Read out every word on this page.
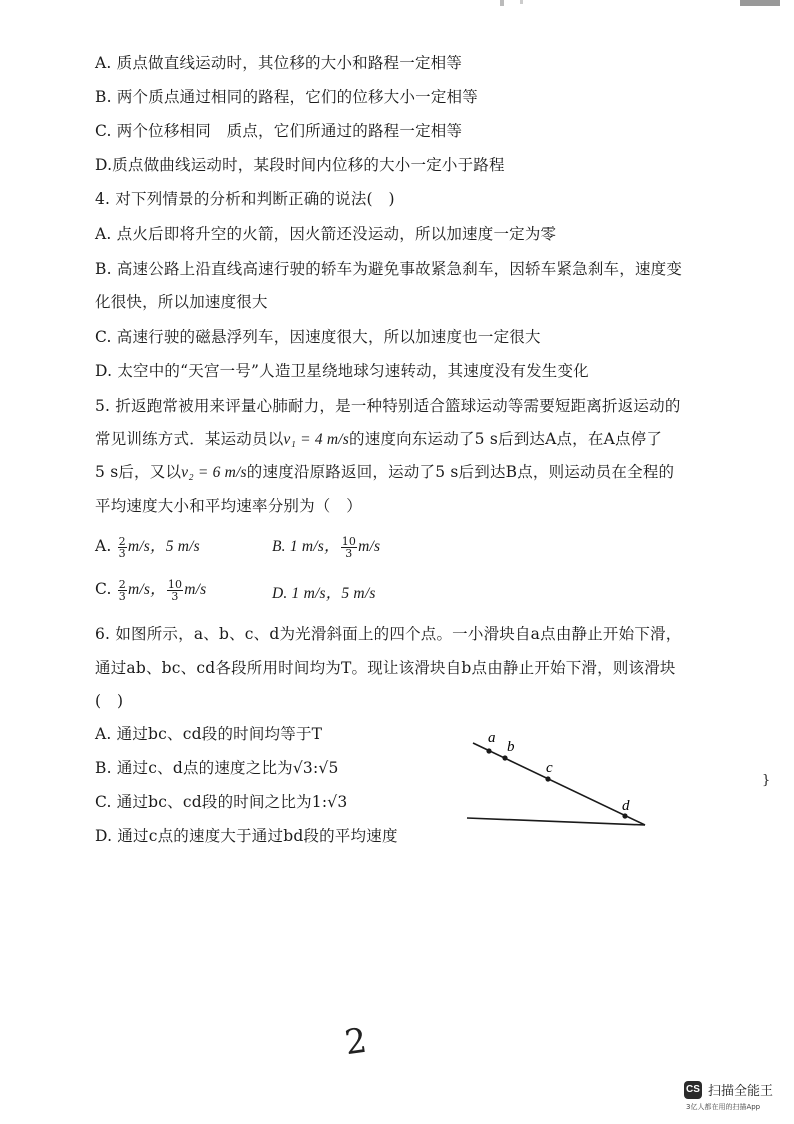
A. 质点做直线运动时，其位移的大小和路程一定相等
B. 两个质点通过相同的路程，它们的位移大小一定相等
C. 两个位移相同　质点，它们所通过的路程一定相等
D.质点做曲线运动时，某段时间内位移的大小一定小于路程
4. 对下列情景的分析和判断正确的说法(　)
A. 点火后即将升空的火箭，因火箭还没运动，所以加速度一定为零
B. 高速公路上沿直线高速行驶的轿车为避免事故紧急刹车，因轿车紧急刹车，速度变
化很快，所以加速度很大
C. 高速行驶的磁悬浮列车，因速度很大，所以加速度也一定很大
D. 太空中的“天宫一号”人造卫星绕地球匀速转动，其速度没有发生变化
5. 折返跑常被用来评量心肺耐力，是一种特别适合篮球运动等需要短距离折返运动的
常见训练方式．某运动员以v₁ = 4 m/s的速度向东运动了5 s后到达A点，在A点停了
5 s后，又以v₂ = 6 m/s的速度沿原路返回，运动了5 s后到达B点，则运动员在全程的
平均速度大小和平均速率分别为（　）
A. $\frac{2}{3} m/s$，5 m/s	B. 1 m/s， $\frac{10}{3} m/s$
C. $\frac{2}{3} m/s$， $\frac{10}{3} m/s$	D. 1 m/s，5 m/s
6. 如图所示，a、b、c、d为光滑斜面上的四个点。一小滑块自a点由静止开始下滑，
通过ab、bc、cd各段所用时间均为T。现让该滑块自b点由静止开始下滑，则该滑块
(　)
A. 通过bc、cd段的时间均等于T
B. 通过c、d点的速度之比为√3:√5
C. 通过bc、cd段的时间之比为1:√3
D. 通过c点的速度大于通过bd段的平均速度
a
b
c
d
}
2
CS 扫描全能王
3亿人都在用的扫描App
